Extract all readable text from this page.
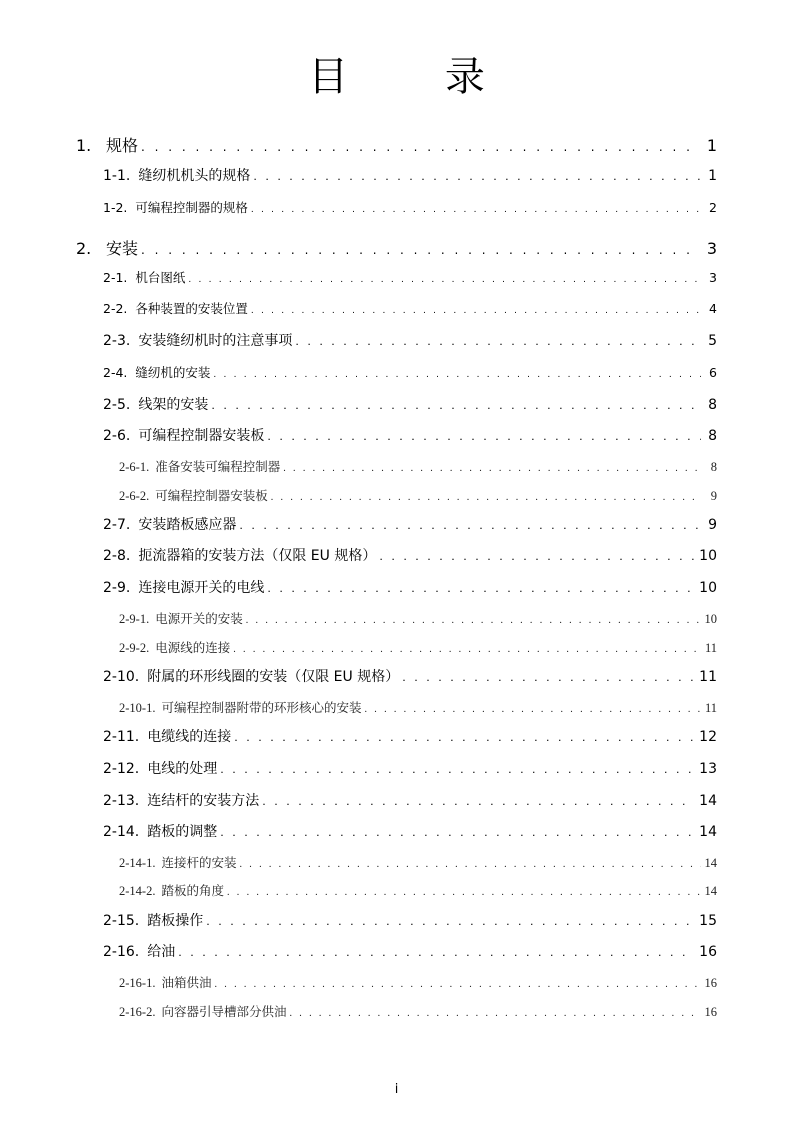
目 录
1. 规格 . . .	1
1-1. 缝纫机机头的规格 . . .	1
1-2. 可编程控制器的规格 . . .	2
2. 安装 . . .	3
2-1. 机台图纸 . . .	3
2-2. 各种装置的安装位置 . . .	4
2-3. 安装缝纫机时的注意事项 . . .	5
2-4. 缝纫机的安装 . . .	6
2-5. 线架的安装 . . .	8
2-6. 可编程控制器安装板 . . .	8
2-6-1. 准备安装可编程控制器 . . .	8
2-6-2. 可编程控制器安装板 . . .	9
2-7. 安装踏板感应器 . . .	9
2-8. 扼流器箱的安装方法（仅限 EU 规格） . . .	10
2-9. 连接电源开关的电线 . . .	10
2-9-1. 电源开关的安装 . . .	10
2-9-2. 电源线的连接 . . .	11
2-10. 附属的环形线圈的安装（仅限 EU 规格） . . .	11
2-10-1. 可编程控制器附带的环形核心的安装 . . .	11
2-11. 电缆线的连接 . . .	12
2-12. 电线的处理 . . .	13
2-13. 连结杆的安装方法 . . .	14
2-14. 踏板的调整 . . .	14
2-14-1. 连接杆的安装 . . .	14
2-14-2. 踏板的角度 . . .	14
2-15. 踏板操作 . . .	15
2-16. 给油 . . .	16
2-16-1. 油箱供油 . . .	16
2-16-2. 向容器引导槽部分供油 . . .	16
i
